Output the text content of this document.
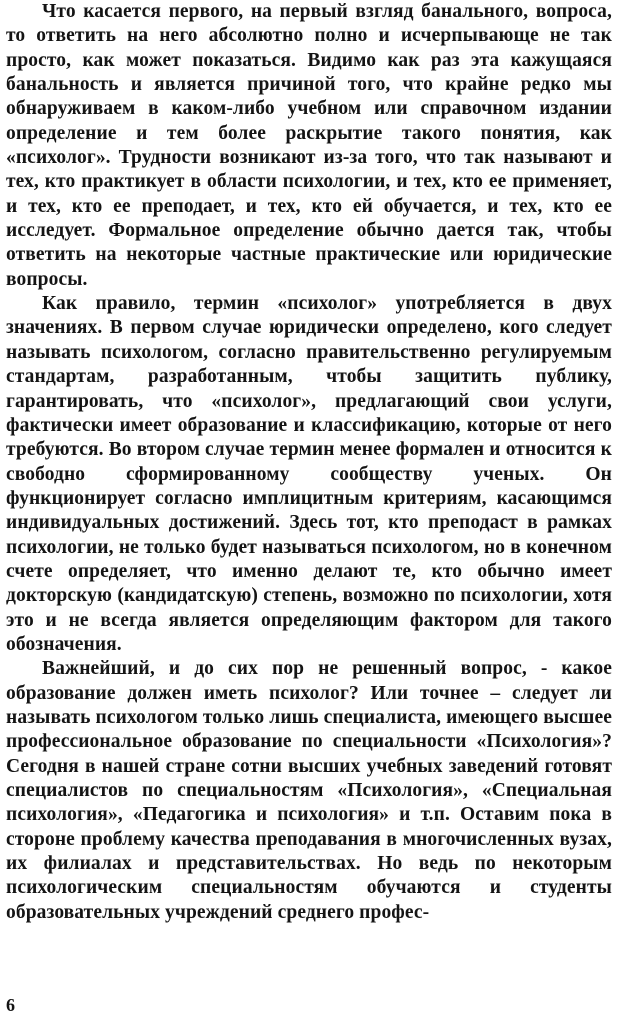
Что касается первого, на первый взгляд банального, вопроса, то ответить на него абсолютно полно и исчерпывающе не так просто, как может показаться. Видимо как раз эта кажущаяся банальность и является причиной того, что крайне редко мы обнаруживаем в каком-либо учебном или справочном издании определение и тем более раскрытие такого понятия, как «психолог». Трудности возникают из-за того, что так называют и тех, кто практикует в области психологии, и тех, кто ее применяет, и тех, кто ее преподает, и тех, кто ей обучается, и тех, кто ее исследует. Формальное определение обычно дается так, чтобы ответить на некоторые частные практические или юридические вопросы.

Как правило, термин «психолог» употребляется в двух значениях. В первом случае юридически определено, кого следует называть психологом, согласно правительственно регулируемым стандартам, разработанным, чтобы защитить публику, гарантировать, что «психолог», предлагающий свои услуги, фактически имеет образование и классификацию, которые от него требуются. Во втором случае термин менее формален и относится к свободно сформированному сообществу ученых. Он функционирует согласно имплицитным критериям, касающимся индивидуальных достижений. Здесь тот, кто преподаст в рамках психологии, не только будет называться психологом, но в конечном счете определяет, что именно делают те, кто обычно имеет докторскую (кандидатскую) степень, возможно по психологии, хотя это и не всегда является определяющим фактором для такого обозначения.

Важнейший, и до сих пор не решенный вопрос, - какое образование должен иметь психолог? Или точнее – следует ли называть психологом только лишь специалиста, имеющего высшее профессиональное образование по специальности «Психология»? Сегодня в нашей стране сотни высших учебных заведений готовят специалистов по специальностям «Психология», «Специальная психология», «Педагогика и психология» и т.п. Оставим пока в стороне проблему качества преподавания в многочисленных вузах, их филиалах и представительствах. Но ведь по некоторым психологическим специальностям обучаются и студенты образовательных учреждений среднего профес-

6
